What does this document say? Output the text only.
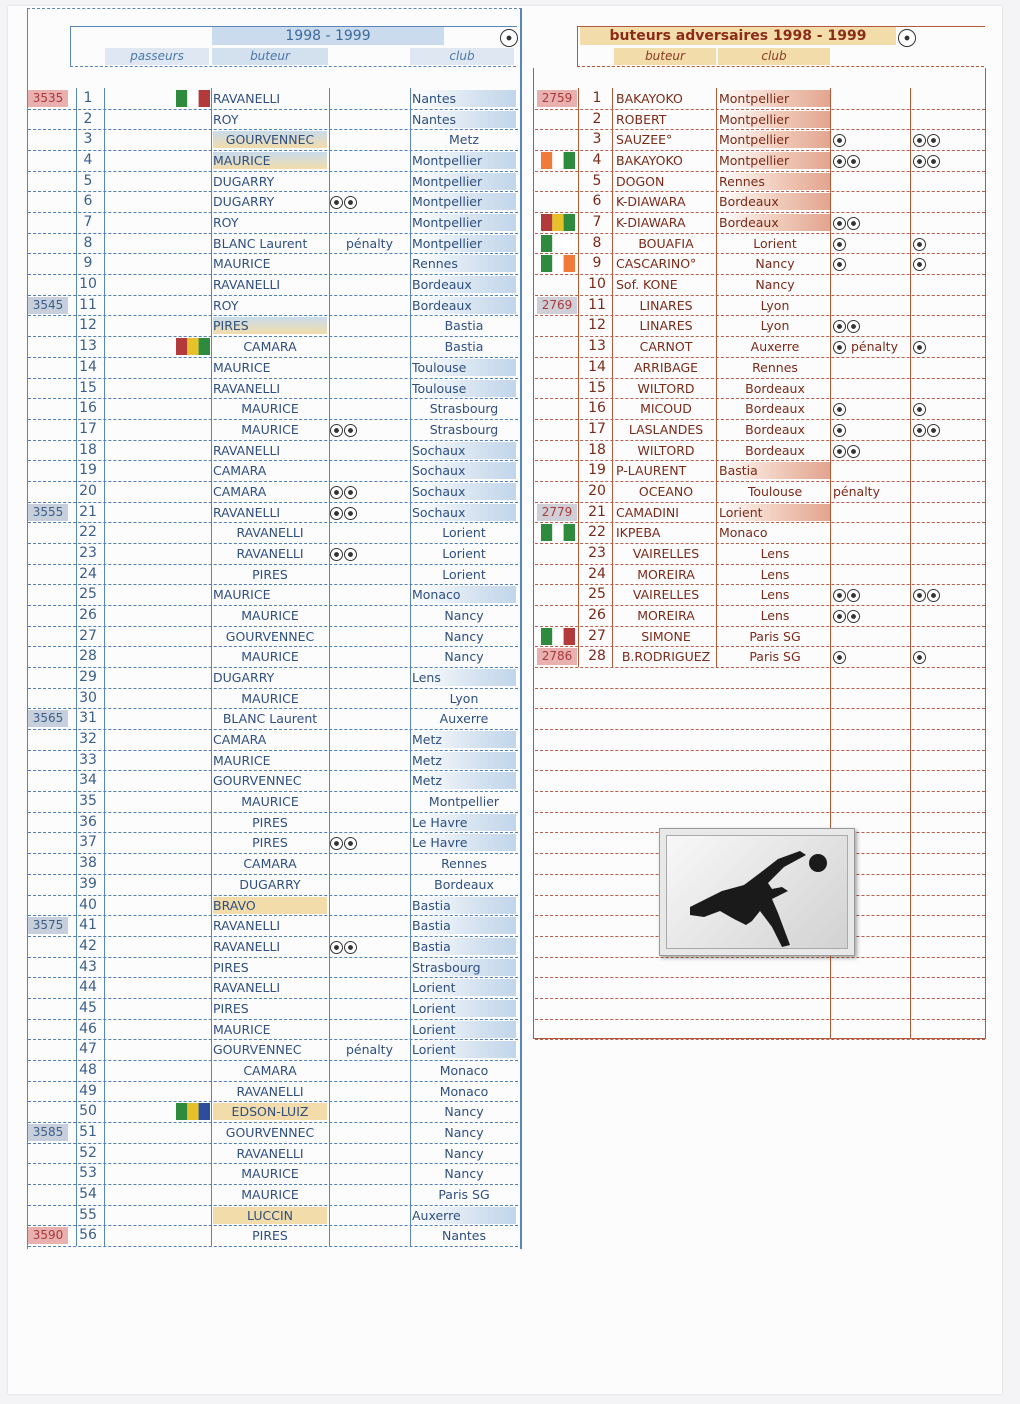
1998 - 1999
passeurs	buteur	club
3535	1	RAVANELLI	Nantes
2	ROY	Nantes
3	GOURVENNEC	Metz
4	MAURICE	Montpellier
5	DUGARRY	Montpellier
6	DUGARRY	Montpellier
7	ROY	Montpellier
8	BLANC Laurent	pénalty	Montpellier
9	MAURICE	Rennes
10	RAVANELLI	Bordeaux
3545	11	ROY	Bordeaux
12	PIRES	Bastia
13	CAMARA	Bastia
14	MAURICE	Toulouse
15	RAVANELLI	Toulouse
16	MAURICE	Strasbourg
17	MAURICE	Strasbourg
18	RAVANELLI	Sochaux
19	CAMARA	Sochaux
20	CAMARA	Sochaux
3555	21	RAVANELLI	Sochaux
22	RAVANELLI	Lorient
23	RAVANELLI	Lorient
24	PIRES	Lorient
25	MAURICE	Monaco
26	MAURICE	Nancy
27	GOURVENNEC	Nancy
28	MAURICE	Nancy
29	DUGARRY	Lens
30	MAURICE	Lyon
3565	31	BLANC Laurent	Auxerre
32	CAMARA	Metz
33	MAURICE	Metz
34	GOURVENNEC	Metz
35	MAURICE	Montpellier
36	PIRES	Le Havre
37	PIRES	Le Havre
38	CAMARA	Rennes
39	DUGARRY	Bordeaux
40	BRAVO	Bastia
3575	41	RAVANELLI	Bastia
42	RAVANELLI	Bastia
43	PIRES	Strasbourg
44	RAVANELLI	Lorient
45	PIRES	Lorient
46	MAURICE	Lorient
47	GOURVENNEC	pénalty	Lorient
48	CAMARA	Monaco
49	RAVANELLI	Monaco
50	EDSON-LUIZ	Nancy
3585	51	GOURVENNEC	Nancy
52	RAVANELLI	Nancy
53	MAURICE	Nancy
54	MAURICE	Paris SG
55	LUCCIN	Auxerre
3590	56	PIRES	Nantes
buteurs adversaires 1998 - 1999
buteur	club
2759	1	BAKAYOKO	Montpellier
2	ROBERT	Montpellier
3	SAUZEE°	Montpellier
4	BAKAYOKO	Montpellier
5	DOGON	Rennes
6	K-DIAWARA	Bordeaux
7	K-DIAWARA	Bordeaux
8	BOUAFIA	Lorient
9	CASCARINO°	Nancy
10 Sof. KONE	Nancy
2769	11	LINARES	Lyon
12	LINARES	Lyon
13	CARNOT	Auxerre	pénalty
14	ARRIBAGE	Rennes
15	WILTORD	Bordeaux
16	MICOUD	Bordeaux
17	LASLANDES	Bordeaux
18	WILTORD	Bordeaux
19 P-LAURENT	Bastia
20	OCEANO	Toulouse	pénalty
2779	21 CAMADINI	Lorient
22 IKPEBA	Monaco
23	VAIRELLES	Lens
24	MOREIRA	Lens
25	VAIRELLES	Lens
26	MOREIRA	Lens
27	SIMONE	Paris SG
2786	28	B.RODRIGUEZ	Paris SG
